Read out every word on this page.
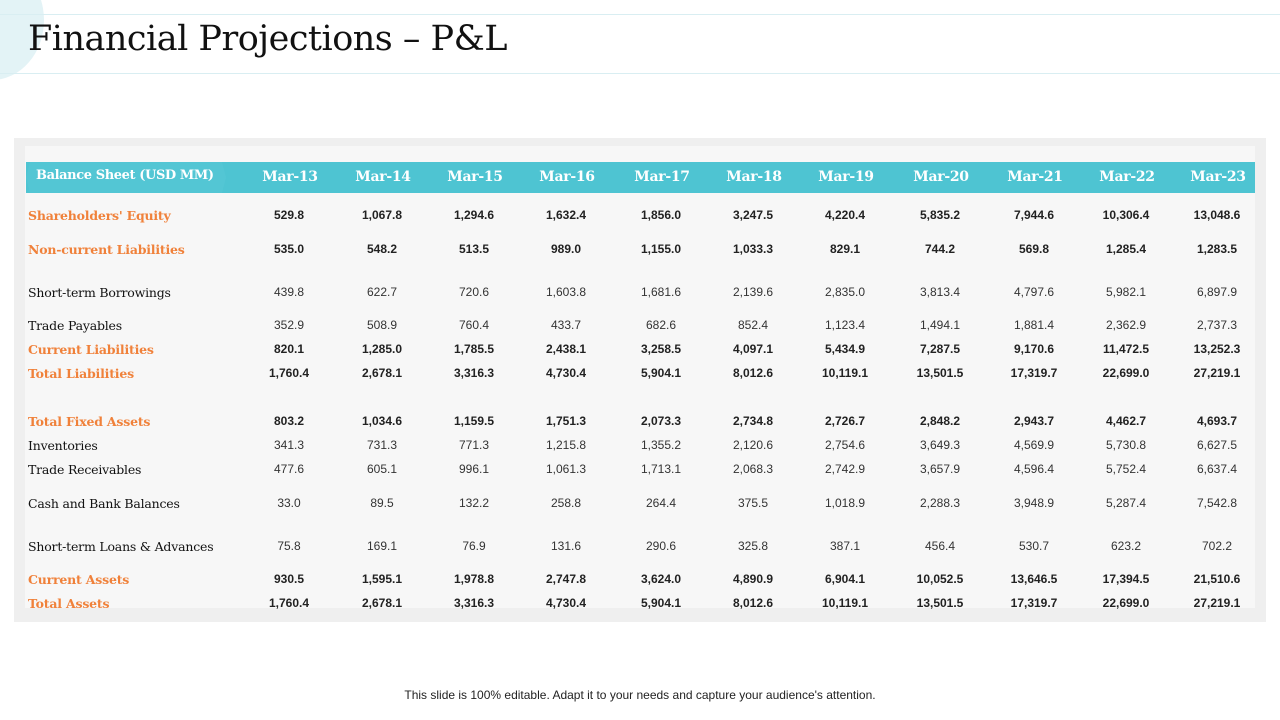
Financial Projections – P&L
Balance Sheet (USD MM)	Mar-13	Mar-14	Mar-15	Mar-16	Mar-17	Mar-18	Mar-19	Mar-20	Mar-21	Mar-22	Mar-23
Shareholders' Equity	529.8	1,067.8	1,294.6	1,632.4	1,856.0	3,247.5	4,220.4	5,835.2	7,944.6	10,306.4	13,048.6
Non-current Liabilities	535.0	548.2	513.5	989.0	1,155.0	1,033.3	829.1	744.2	569.8	1,285.4	1,283.5
Short-term Borrowings	439.8	622.7	720.6	1,603.8	1,681.6	2,139.6	2,835.0	3,813.4	4,797.6	5,982.1	6,897.9
Trade Payables	352.9	508.9	760.4	433.7	682.6	852.4	1,123.4	1,494.1	1,881.4	2,362.9	2,737.3
Current Liabilities	820.1	1,285.0	1,785.5	2,438.1	3,258.5	4,097.1	5,434.9	7,287.5	9,170.6	11,472.5	13,252.3
Total Liabilities	1,760.4	2,678.1	3,316.3	4,730.4	5,904.1	8,012.6	10,119.1	13,501.5	17,319.7	22,699.0	27,219.1
Total Fixed Assets	803.2	1,034.6	1,159.5	1,751.3	2,073.3	2,734.8	2,726.7	2,848.2	2,943.7	4,462.7	4,693.7
Inventories	341.3	731.3	771.3	1,215.8	1,355.2	2,120.6	2,754.6	3,649.3	4,569.9	5,730.8	6,627.5
Trade Receivables	477.6	605.1	996.1	1,061.3	1,713.1	2,068.3	2,742.9	3,657.9	4,596.4	5,752.4	6,637.4
Cash and Bank Balances	33.0	89.5	132.2	258.8	264.4	375.5	1,018.9	2,288.3	3,948.9	5,287.4	7,542.8
Short-term Loans & Advances	75.8	169.1	76.9	131.6	290.6	325.8	387.1	456.4	530.7	623.2	702.2
Current Assets	930.5	1,595.1	1,978.8	2,747.8	3,624.0	4,890.9	6,904.1	10,052.5	13,646.5	17,394.5	21,510.6
Total Assets	1,760.4	2,678.1	3,316.3	4,730.4	5,904.1	8,012.6	10,119.1	13,501.5	17,319.7	22,699.0	27,219.1
This slide is 100% editable. Adapt it to your needs and capture your audience's attention.
